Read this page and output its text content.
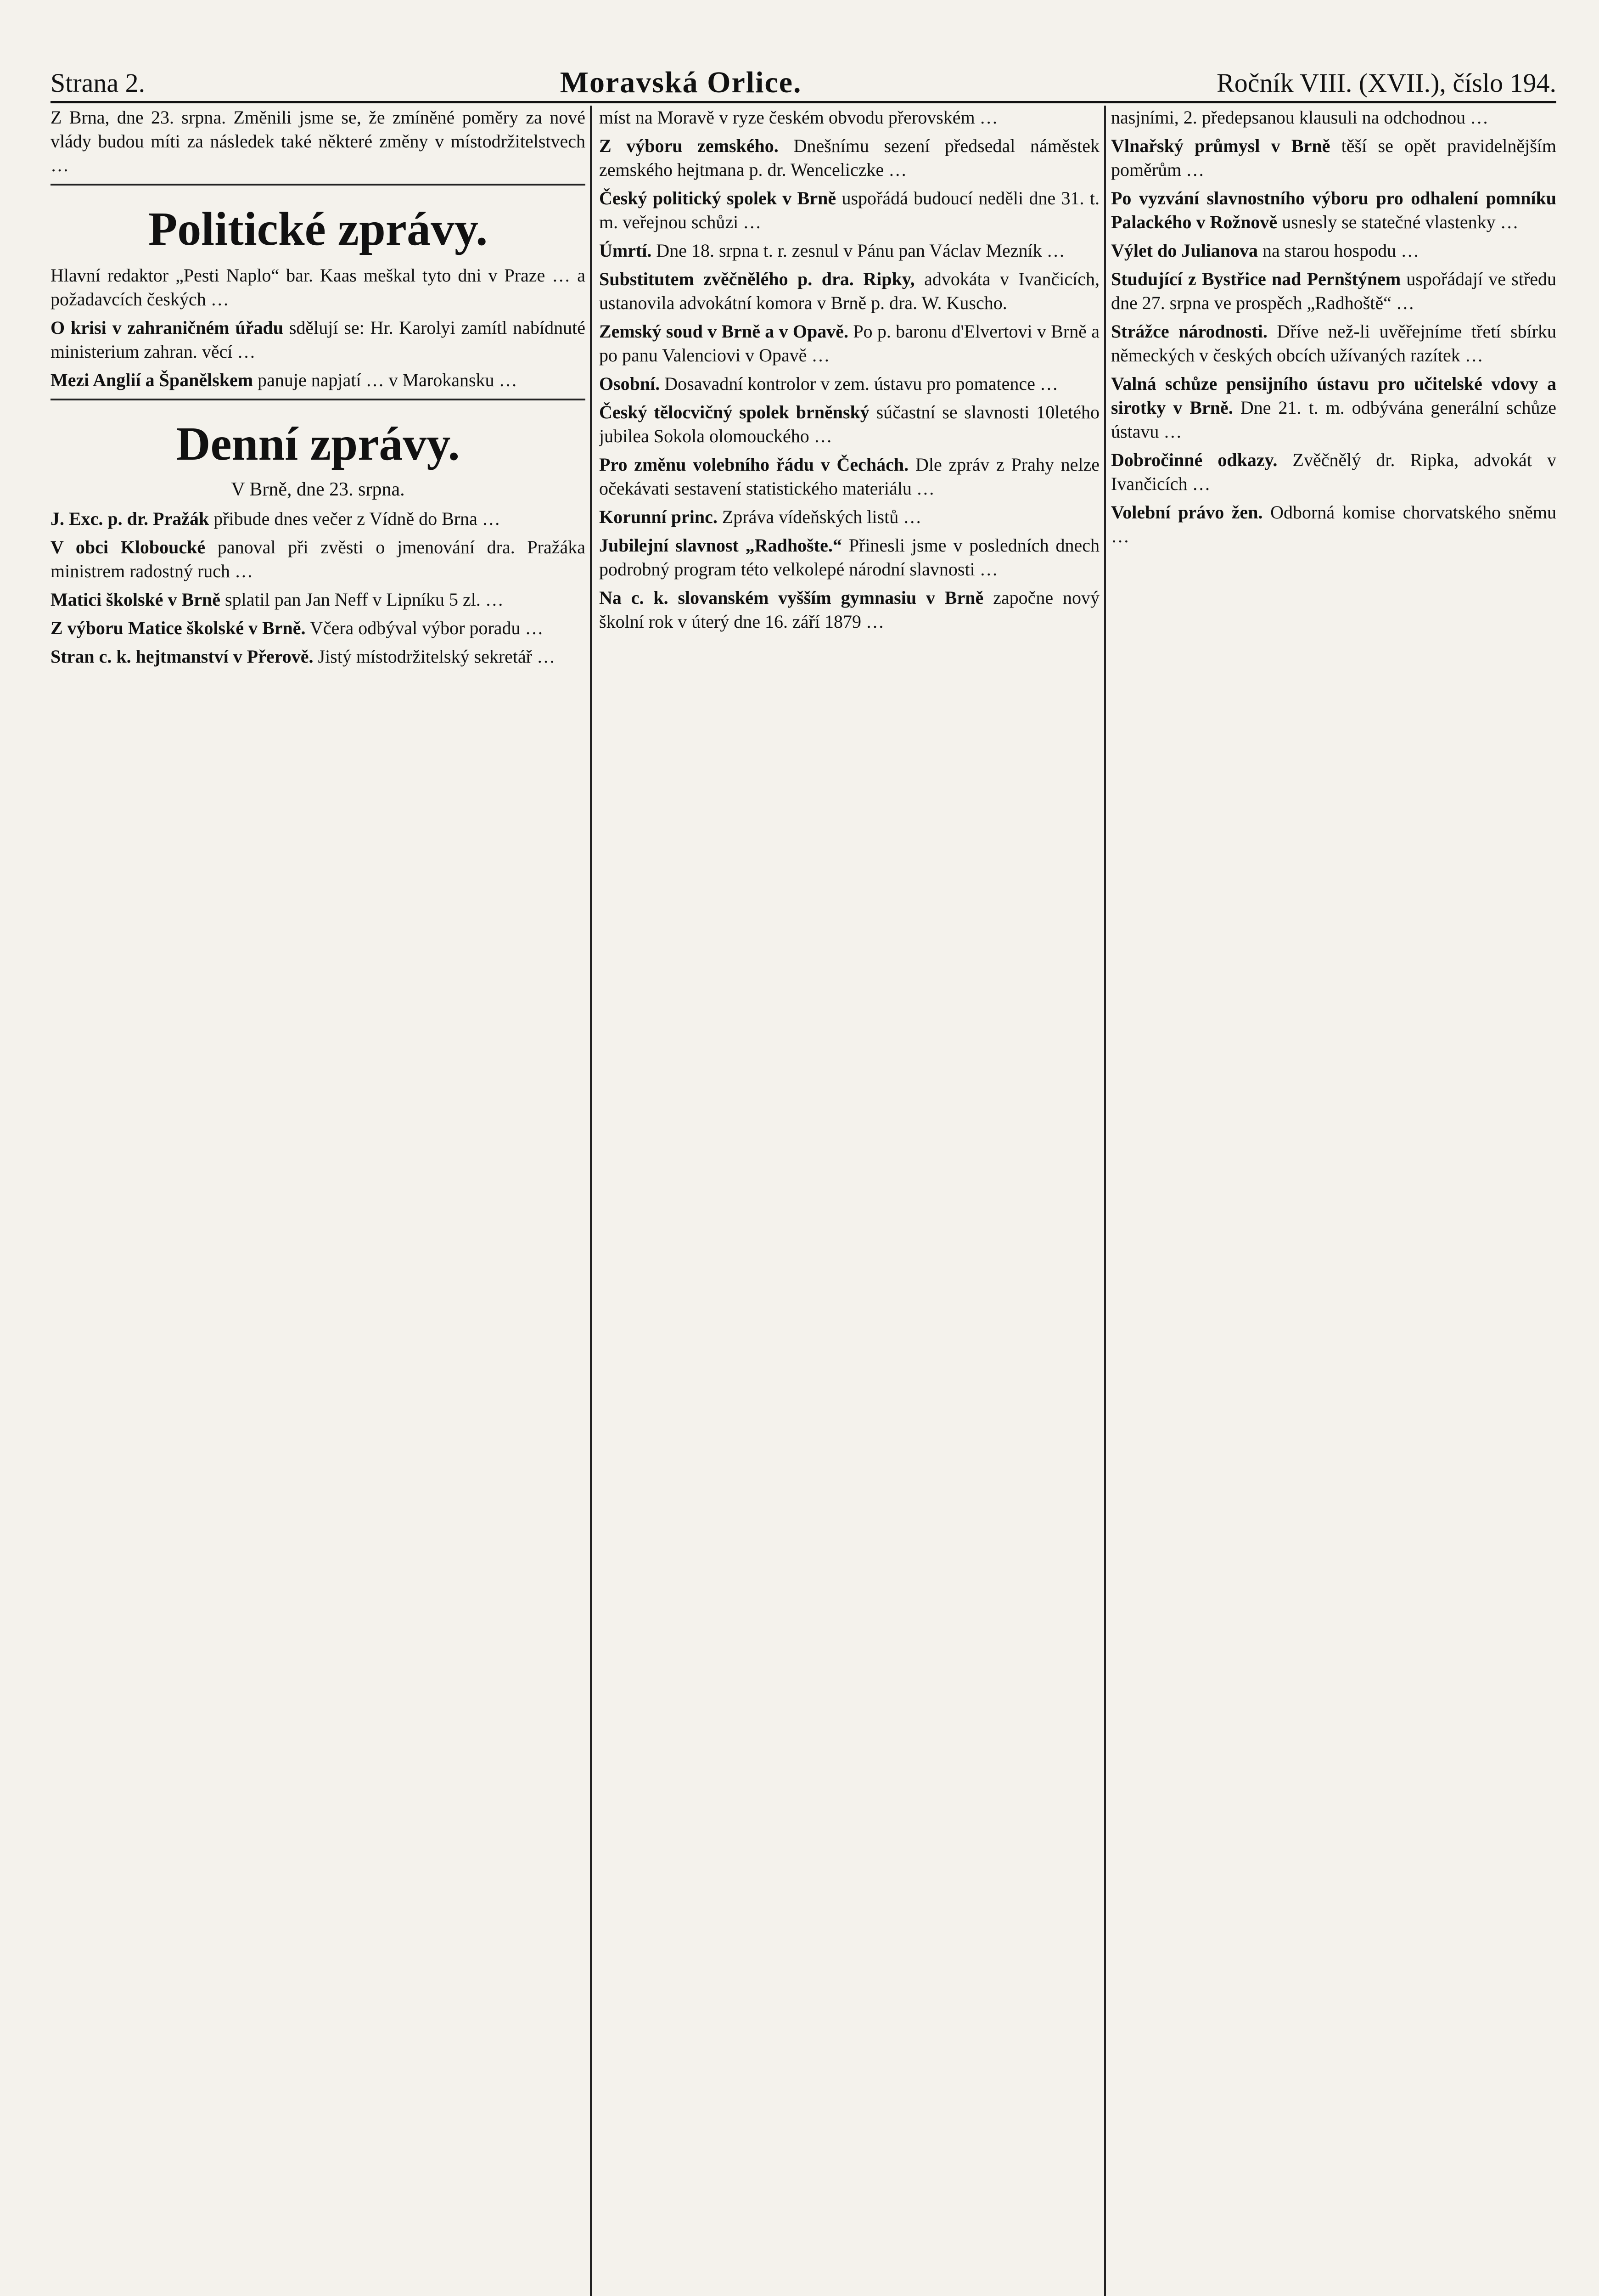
Strana 2.	Moravská Orlice.	Ročník VIII. (XVII.), číslo 194.

Z Brna, dne 23. srpna. Změnili jsme se, že zmíněné poměry za nové vlády budou míti za následek také některé změny v místodržitelstvech …

Politické zprávy.

Hlavní redaktor „Pesti Naplo“ bar. Kaas meškal tyto dni v Praze … a požadavcích českých …

O krisi v zahraničném úřadu sdělují se: Hr. Karolyi zamítl nabídnuté ministerium zahran. věcí …

Mezi Anglií a Španělskem panuje napjatí … v Marokansku …

Denní zprávy.
V Brně, dne 23. srpna.

J. Exc. p. dr. Pražák přibude dnes večer z Vídně do Brna …

V obci Kloboucké panoval při zvěsti o jmenování dra. Pražáka ministrem radostný ruch …

Matici školské v Brně splatil pan Jan Neff v Lipníku 5 zl. …

Z výboru Matice školské v Brně. Včera odbýval výbor poradu …

Stran c. k. hejtmanství v Přerově. Jistý místodržitelský sekretář …

míst na Moravě v ryze českém obvodu přerovském …

Z výboru zemského. Dnešnímu sezení předsedal náměstek zemského hejtmana p. dr. Wenceliczke …

Český politický spolek v Brně uspořádá budoucí neděli dne 31. t. m. veřejnou schůzi …

Úmrtí. Dne 18. srpna t. r. zesnul v Pánu pan Václav Mezník …

Substitutem zvěčnělého p. dra. Ripky, advokáta v Ivančicích, ustanovila advokátní komora v Brně p. dra. W. Kuscho.

Zemský soud v Brně a v Opavě. Po p. baronu d'Elvertovi v Brně a po panu Valenciovi v Opavě …

Osobní. Dosavadní kontrolor v zem. ústavu pro pomatence …

Český tělocvičný spolek brněnský súčastní se slavnosti 10letého jubilea Sokola olomouckého …

Pro změnu volebního řádu v Čechách. Dle zpráv z Prahy nelze očekávati sestavení statistického materiálu …

Korunní princ. Zpráva vídeňských listů …

Jubilejní slavnost „Radhošte.“ Přinesli jsme v posledních dnech podrobný program této velkolepé národní slavnosti …

Na c. k. slovanském vyšším gymnasiu v Brně započne nový školní rok v úterý dne 16. září 1879 …

nasjními, 2. předepsanou klausuli na odchodnou …

Vlnařský průmysl v Brně těší se opět pravidelnějším poměrům …

Po vyzvání slavnostního výboru pro odhalení pomníku Palackého v Rožnově usnesly se statečné vlastenky …

Výlet do Julianova na starou hospodu …

Studující z Bystřice nad Pernštýnem uspořádají ve středu dne 27. srpna ve prospěch „Radhoště“ …

Strážce národnosti. Dříve než-li uvěřejníme třetí sbírku německých v českých obcích užívaných razítek …

Valná schůze pensijního ústavu pro učitelské vdovy a sirotky v Brně. Dne 21. t. m. odbývána generální schůze ústavu …

Dobročinné odkazy. Zvěčnělý dr. Ripka, advokát v Ivančicích …

Volební právo žen. Odborná komise chorvatského sněmu …
